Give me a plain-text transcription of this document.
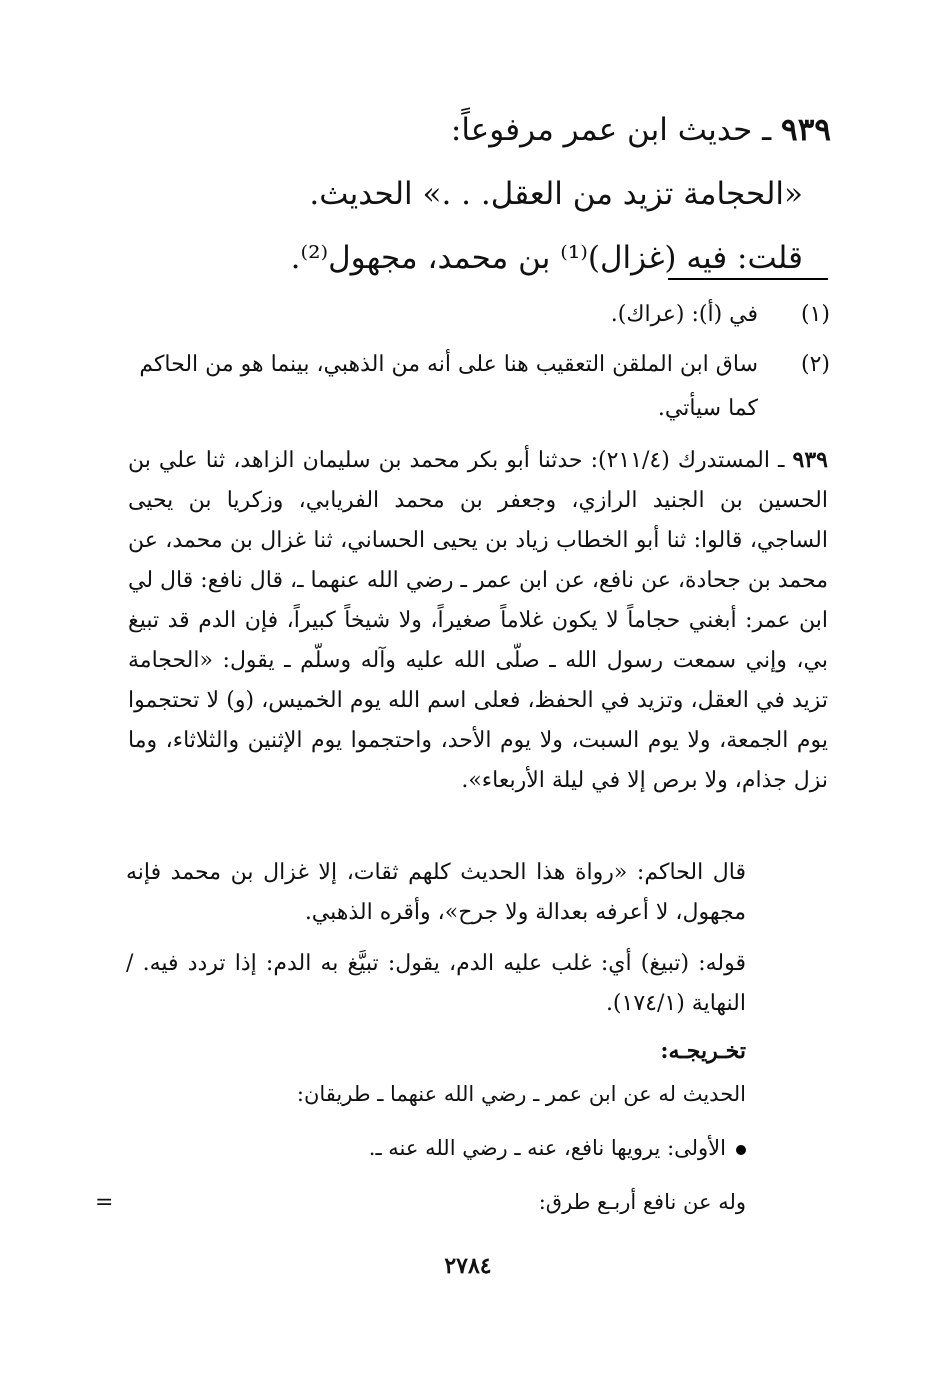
٩٣٩ ـ حديث ابن عمر مرفوعاً:
«الحجامة تزيد من العقل. . .» الحديث.
قلت: فيه (غزال)⁽¹⁾ بن محمد، مجهول⁽²⁾.
(١)
في (أ): (عراك).
(٢)
ساق ابن الملقن التعقيب هنا على أنه من الذهبي، بينما هو من الحاكم كما سيأتي.
٩٣٩ ـ المستدرك (٢١١/٤): حدثنا أبو بكر محمد بن سليمان الزاهد، ثنا علي بن الحسين بن الجنيد الرازي، وجعفر بن محمد الفريابي، وزكريا بن يحيى الساجي، قالوا: ثنا أبو الخطاب زياد بن يحيى الحساني، ثنا غزال بن محمد، عن محمد بن جحادة، عن نافع، عن ابن عمر ـ رضي الله عنهما ـ، قال نافع: قال لي ابن عمر: أبغني حجاماً لا يكون غلاماً صغيراً، ولا شيخاً كبيراً، فإن الدم قد تبيغ بي، وإني سمعت رسول الله ـ صلّى الله عليه وآله وسلّم ـ يقول: «الحجامة تزيد في العقل، وتزيد في الحفظ، فعلى اسم الله يوم الخميس، (و) لا تحتجموا يوم الجمعة، ولا يوم السبت، ولا يوم الأحد، واحتجموا يوم الإثنين والثلاثاء، وما نزل جذام، ولا برص إلا في ليلة الأربعاء».
قال الحاكم: «رواة هذا الحديث كلهم ثقات، إلا غزال بن محمد فإنه مجهول، لا أعرفه بعدالة ولا جرح»، وأقره الذهبي.
قوله: (تبيغ) أي: غلب عليه الدم، يقول: تبيَّغ به الدم: إذا تردد فيه. / النهاية (١٧٤/١).
تخـريجـه:
الحديث له عن ابن عمر ـ رضي الله عنهما ـ طريقان:
الأولى: يرويها نافع، عنه ـ رضي الله عنه ـ.
وله عن نافع أربـع طرق:
=
٢٧٨٤
